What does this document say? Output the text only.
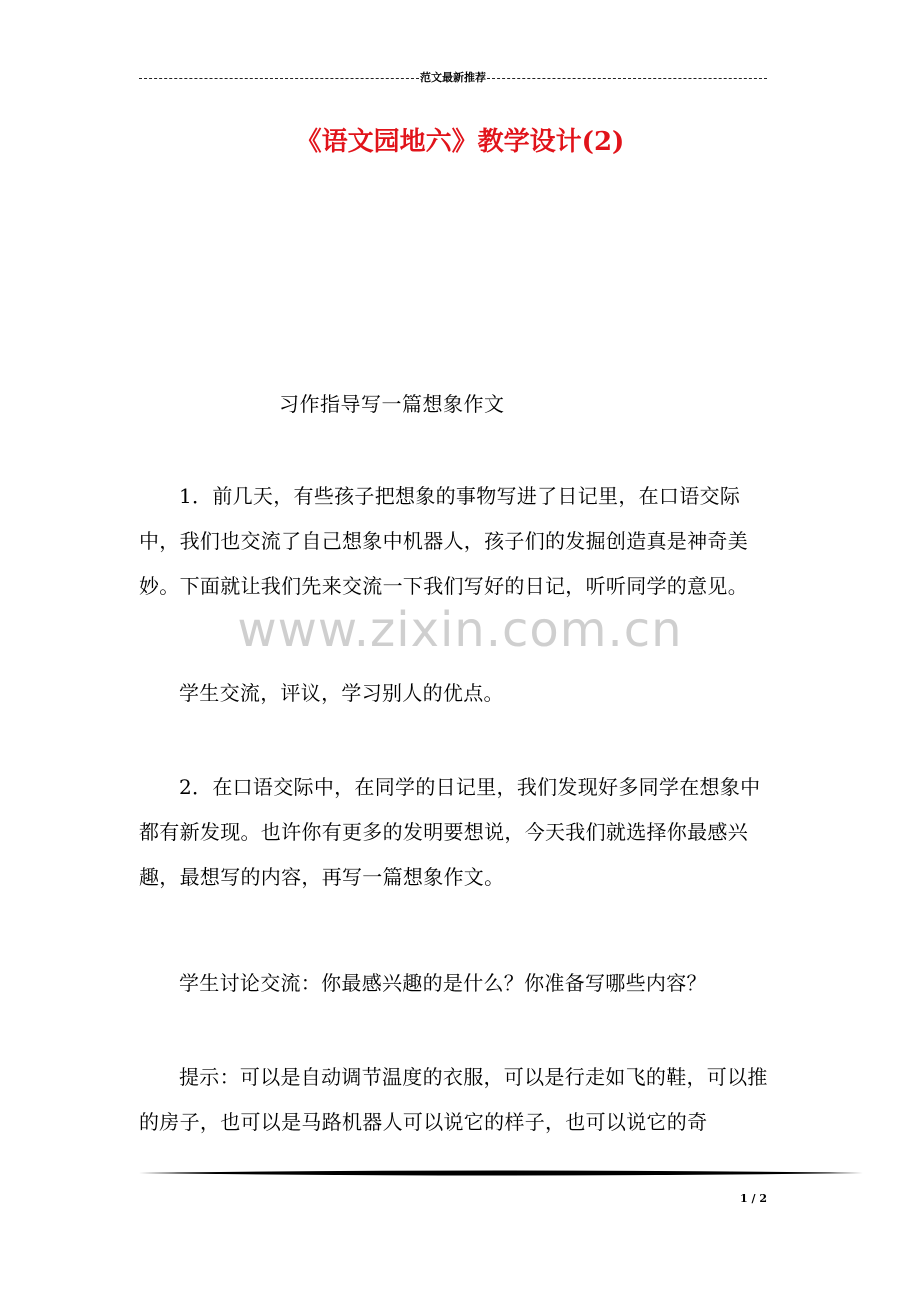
范文最新推荐
《语文园地六》教学设计(2)
习作指导写一篇想象作文

1．前几天，有些孩子把想象的事物写进了日记里，在口语交际中，我们也交流了自己想象中机器人，孩子们的发掘创造真是神奇美妙。下面就让我们先来交流一下我们写好的日记，听听同学的意见。

学生交流，评议，学习别人的优点。

2．在口语交际中，在同学的日记里，我们发现好多同学在想象中都有新发现。也许你有更多的发明要想说，今天我们就选择你最感兴趣，最想写的内容，再写一篇想象作文。

学生讨论交流：你最感兴趣的是什么？你准备写哪些内容？

提示：可以是自动调节温度的衣服，可以是行走如飞的鞋，可以推的房子，也可以是马路机器人可以说它的样子，也可以说它的奇

www.zixin.com.cn
1 / 2
